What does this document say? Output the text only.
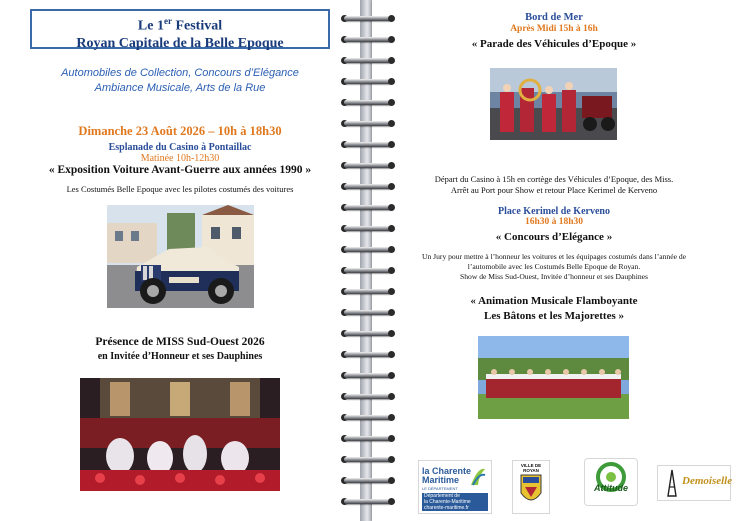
Le 1er Festival
Royan Capitale de la Belle Epoque
Automobiles de Collection, Concours d’Elégance
Ambiance Musicale, Arts de la Rue
Dimanche 23 Août 2026 – 10h à 18h30
Esplanade du Casino à Pontaillac
Matinée 10h-12h30
« Exposition Voiture Avant-Guerre aux années 1990 »
Les Costumés Belle Epoque avec les pilotes costumés des voitures
Présence de MISS Sud-Ouest 2026
en Invitée d’Honneur et ses Dauphines
Bord de Mer
Après Midi 15h à 16h
« Parade des Véhicules d’Epoque »
Départ du Casino à 15h en cortège des Véhicules d’Epoque, des Miss.
Arrêt au Port pour Show et retour Place Kerimel de Kerveno
Place Kerimel de Kerveno
16h30 à 18h30
« Concours d’Elégance »
Un Jury pour mettre à l’honneur les voitures et les équipages costumés dans l’année de
l’automobile avec les Costumés Belle Epoque de Royan.
Show de Miss Sud-Ouest, Invitée d’honneur et ses Dauphines
« Animation Musicale Flamboyante
Les Bâtons et les Majorettes »
la Charente
Maritime
LE DÉPARTEMENT
Département de
la Charente-Maritime
charente-maritime.fr
VILLE DE ROYAN
Attitude
Demoiselle
